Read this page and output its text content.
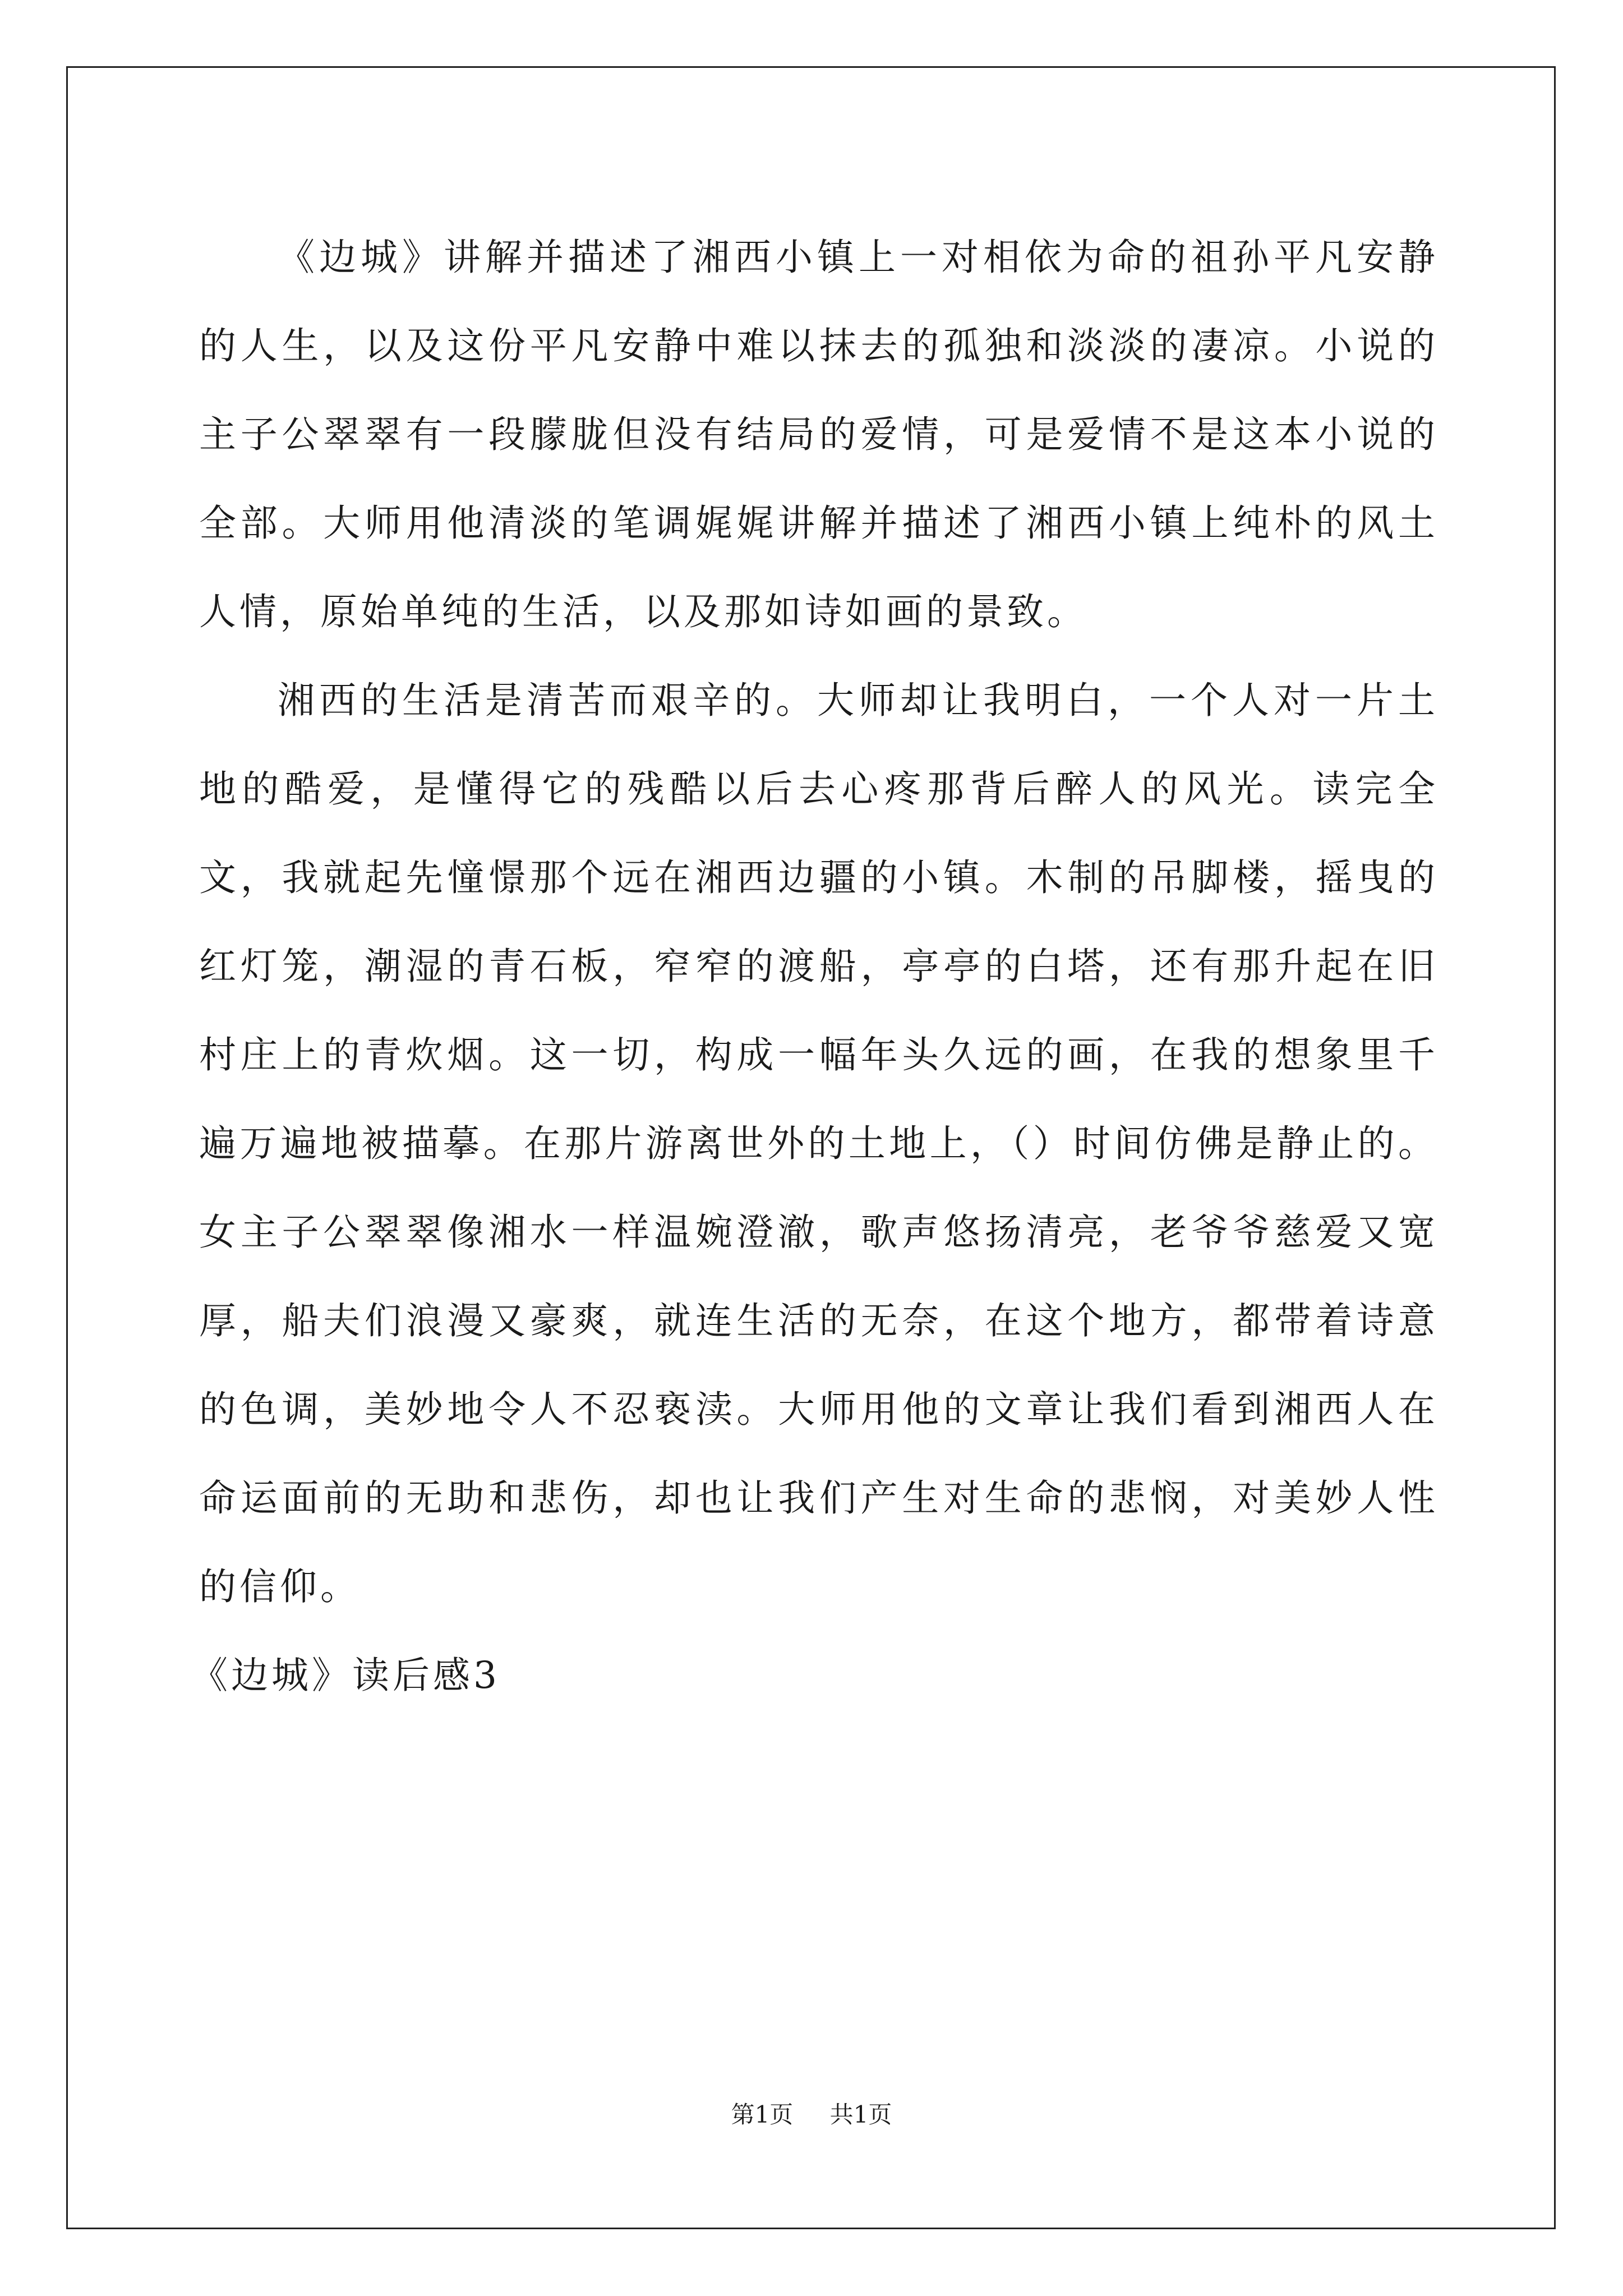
《边城》讲解并描述了湘西小镇上一对相依为命的祖孙平凡安静的人生，以及这份平凡安静中难以抹去的孤独和淡淡的凄凉。小说的主子公翠翠有一段朦胧但没有结局的爱情，可是爱情不是这本小说的全部。大师用他清淡的笔调娓娓讲解并描述了湘西小镇上纯朴的风土人情，原始单纯的生活，以及那如诗如画的景致。

湘西的生活是清苦而艰辛的。大师却让我明白，一个人对一片土地的酷爱，是懂得它的残酷以后去心疼那背后醉人的风光。读完全文，我就起先憧憬那个远在湘西边疆的小镇。木制的吊脚楼，摇曳的红灯笼，潮湿的青石板，窄窄的渡船，亭亭的白塔，还有那升起在旧村庄上的青炊烟。这一切，构成一幅年头久远的画，在我的想象里千遍万遍地被描摹。在那片游离世外的土地上，（）时间仿佛是静止的。女主子公翠翠像湘水一样温婉澄澈，歌声悠扬清亮，老爷爷慈爱又宽厚，船夫们浪漫又豪爽，就连生活的无奈，在这个地方，都带着诗意的色调，美妙地令人不忍亵渎。大师用他的文章让我们看到湘西人在命运面前的无助和悲伤，却也让我们产生对生命的悲悯，对美妙人性的信仰。

《边城》读后感3

第1页 共1页
